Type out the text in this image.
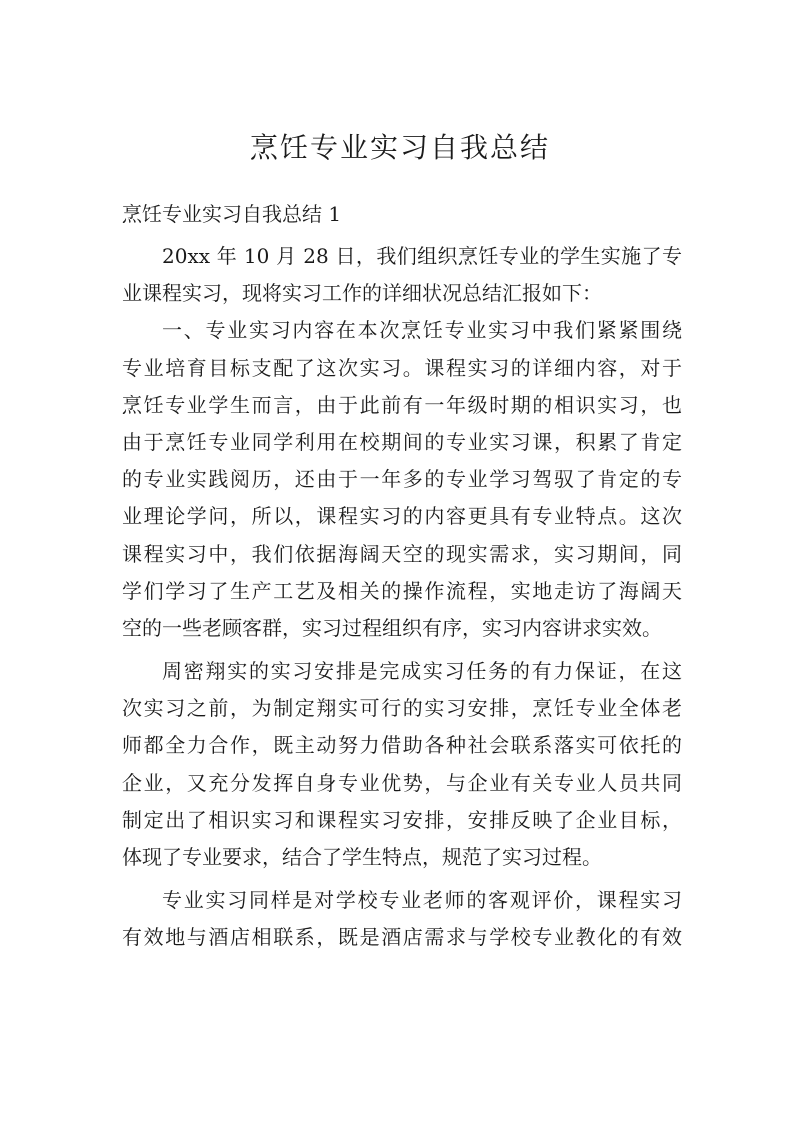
烹饪专业实习自我总结

烹饪专业实习自我总结 1

20xx 年 10 月 28 日，我们组织烹饪专业的学生实施了专
业课程实习，现将实习工作的详细状况总结汇报如下：
一、专业实习内容在本次烹饪专业实习中我们紧紧围绕
专业培育目标支配了这次实习。课程实习的详细内容，对于
烹饪专业学生而言，由于此前有一年级时期的相识实习，也
由于烹饪专业同学利用在校期间的专业实习课，积累了肯定
的专业实践阅历，还由于一年多的专业学习驾驭了肯定的专
业理论学问，所以，课程实习的内容更具有专业特点。这次
课程实习中，我们依据海阔天空的现实需求，实习期间，同
学们学习了生产工艺及相关的操作流程，实地走访了海阔天
空的一些老顾客群，实习过程组织有序，实习内容讲求实效。
周密翔实的实习安排是完成实习任务的有力保证，在这
次实习之前，为制定翔实可行的实习安排，烹饪专业全体老
师都全力合作，既主动努力借助各种社会联系落实可依托的
企业，又充分发挥自身专业优势，与企业有关专业人员共同
制定出了相识实习和课程实习安排，安排反映了企业目标，
体现了专业要求，结合了学生特点，规范了实习过程。
专业实习同样是对学校专业老师的客观评价，课程实习
有效地与酒店相联系，既是酒店需求与学校专业教化的有效
